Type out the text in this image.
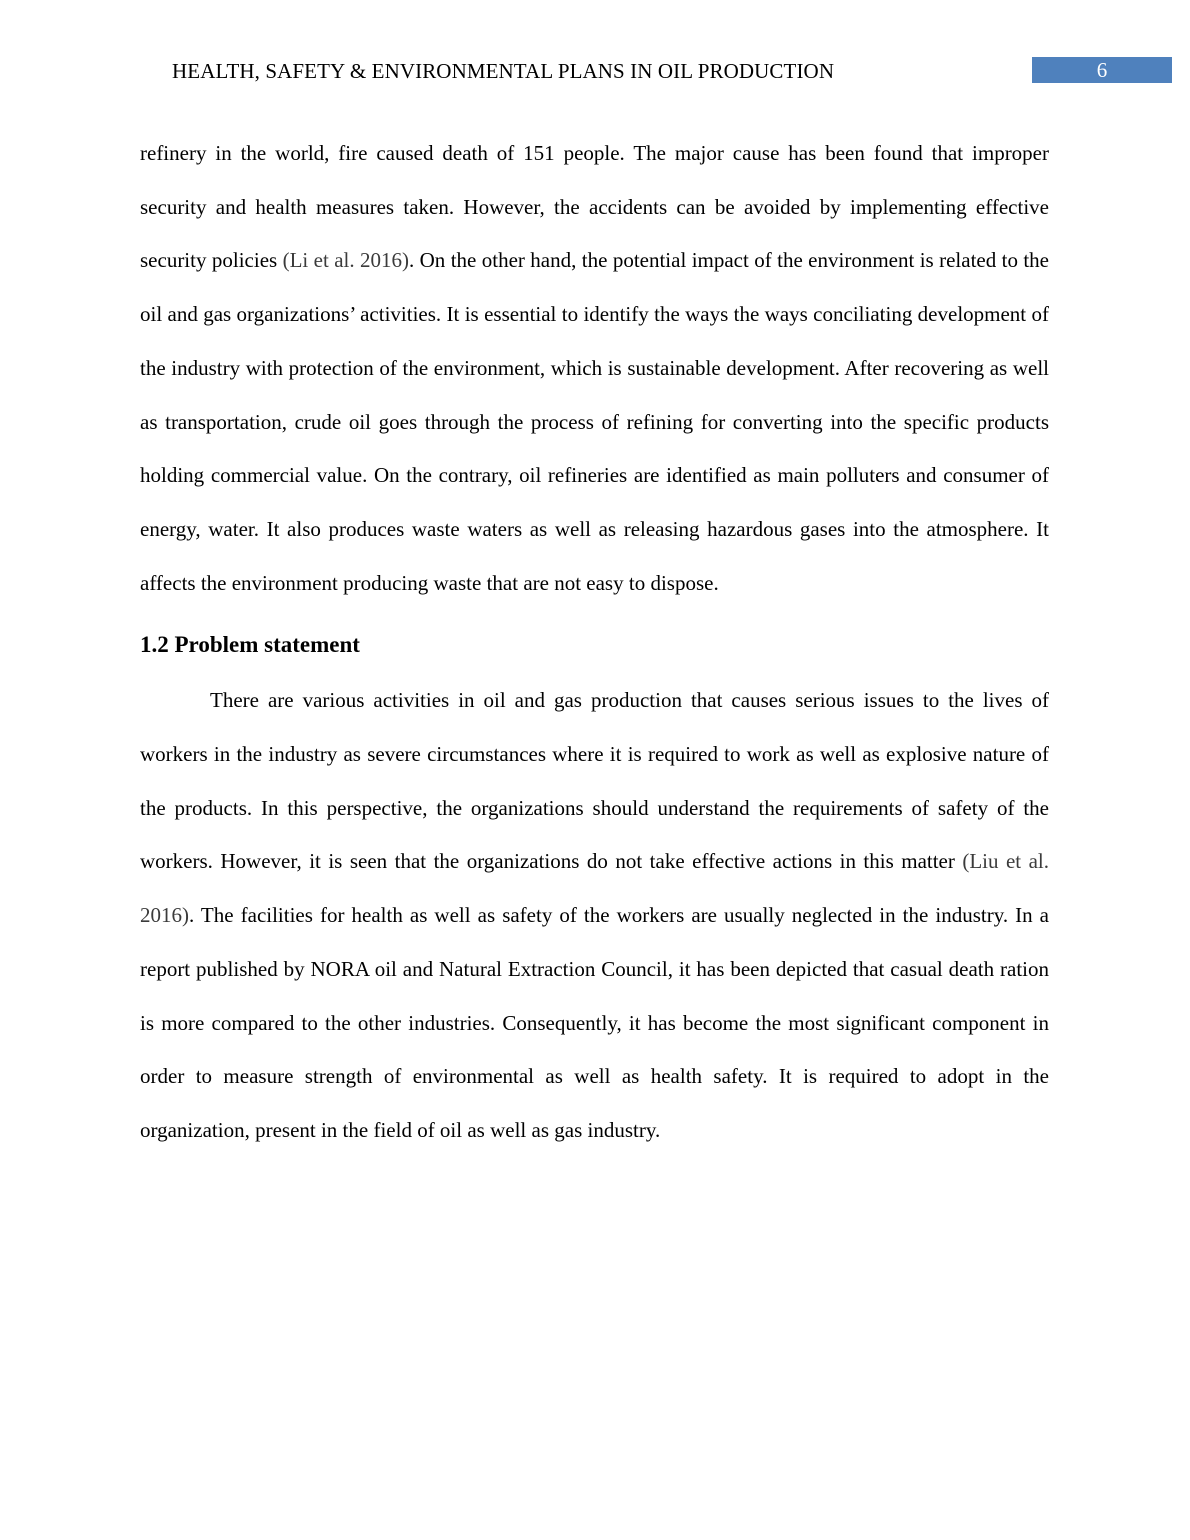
HEALTH, SAFETY & ENVIRONMENTAL PLANS IN OIL PRODUCTION	6

refinery in the world, fire caused death of 151 people. The major cause has been found that improper security and health measures taken. However, the accidents can be avoided by implementing effective security policies (Li et al. 2016). On the other hand, the potential impact of the environment is related to the oil and gas organizations’ activities. It is essential to identify the ways the ways conciliating development of the industry with protection of the environment, which is sustainable development. After recovering as well as transportation, crude oil goes through the process of refining for converting into the specific products holding commercial value. On the contrary, oil refineries are identified as main polluters and consumer of energy, water. It also produces waste waters as well as releasing hazardous gases into the atmosphere. It affects the environment producing waste that are not easy to dispose.

1.2 Problem statement

There are various activities in oil and gas production that causes serious issues to the lives of workers in the industry as severe circumstances where it is required to work as well as explosive nature of the products. In this perspective, the organizations should understand the requirements of safety of the workers. However, it is seen that the organizations do not take effective actions in this matter (Liu et al. 2016). The facilities for health as well as safety of the workers are usually neglected in the industry. In a report published by NORA oil and Natural Extraction Council, it has been depicted that casual death ration is more compared to the other industries. Consequently, it has become the most significant component in order to measure strength of environmental as well as health safety. It is required to adopt in the organization, present in the field of oil as well as gas industry.
